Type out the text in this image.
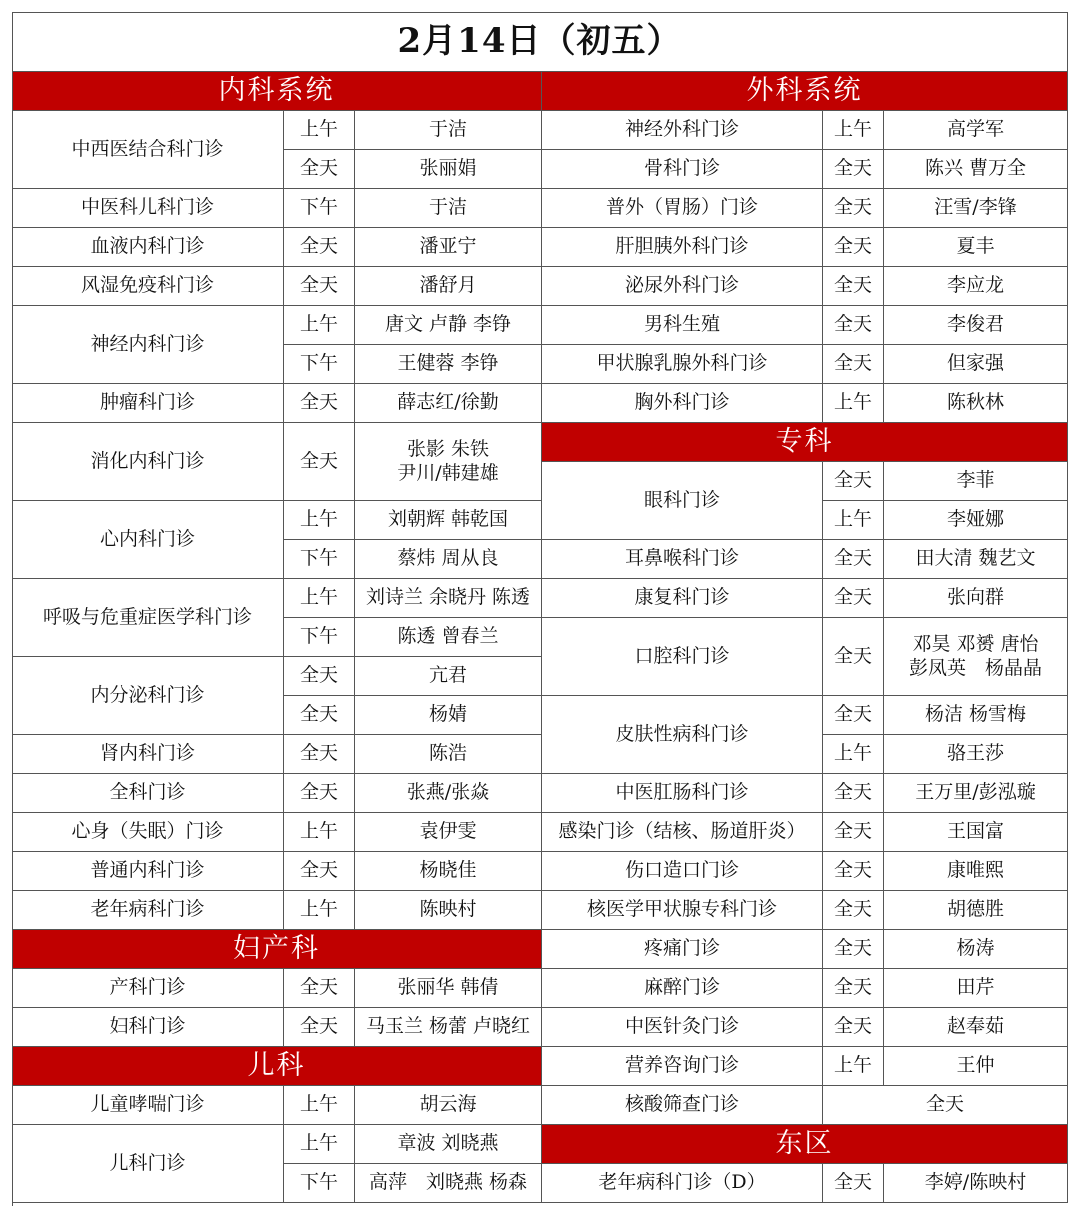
2月14日（初五）
内科系统
中西医结合科门诊
上午	于洁
全天	张丽娟
中医科儿科门诊	下午	于洁
血液内科门诊	全天	潘亚宁
风湿免疫科门诊	全天	潘舒月
神经内科门诊
上午	唐文 卢静 李铮
下午	王健蓉 李铮
肿瘤科门诊	全天	薛志红/徐勤
消化内科门诊	全天
张影 朱铁
尹川/韩建雄
心内科门诊
上午	刘朝辉 韩乾国
下午	蔡炜 周从良
呼吸与危重症医学科门诊
上午	刘诗兰 余晓丹 陈透
下午	陈透 曾春兰
内分泌科门诊
全天	亢君
全天	杨婧
肾内科门诊	全天	陈浩
全科门诊	全天	张燕/张焱
心身（失眠）门诊	上午	袁伊雯
普通内科门诊	全天	杨晓佳
老年病科门诊	上午	陈映村
妇产科
产科门诊	全天	张丽华 韩倩
妇科门诊	全天	马玉兰 杨蕾 卢晓红
儿科
儿童哮喘门诊	上午	胡云海
儿科门诊
上午	章波 刘晓燕
下午	高萍　刘晓燕 杨森
外科系统
神经外科门诊	上午	高学军
骨科门诊	全天	陈兴 曹万全
普外（胃肠）门诊	全天	汪雪/李锋
肝胆胰外科门诊	全天	夏丰
泌尿外科门诊	全天	李应龙
男科生殖	全天	李俊君
甲状腺乳腺外科门诊	全天	但家强
胸外科门诊	上午	陈秋林
专科
眼科门诊
全天	李菲
上午	李娅娜
耳鼻喉科门诊	全天	田大清 魏艺文
康复科门诊	全天	张向群
口腔科门诊	全天
邓昊 邓赟 唐怡
彭凤英　杨晶晶
皮肤性病科门诊
全天	杨洁 杨雪梅
上午	骆王莎
中医肛肠科门诊	全天	王万里/彭泓璇
感染门诊（结核、肠道肝炎）	全天	王国富
伤口造口门诊	全天	康唯熙
核医学甲状腺专科门诊	全天	胡德胜
疼痛门诊	全天	杨涛
麻醉门诊	全天	田芹
中医针灸门诊	全天	赵奉茹
营养咨询门诊	上午	王仲
核酸筛查门诊	全天
东区
老年病科门诊（D）	全天	李婷/陈映村
